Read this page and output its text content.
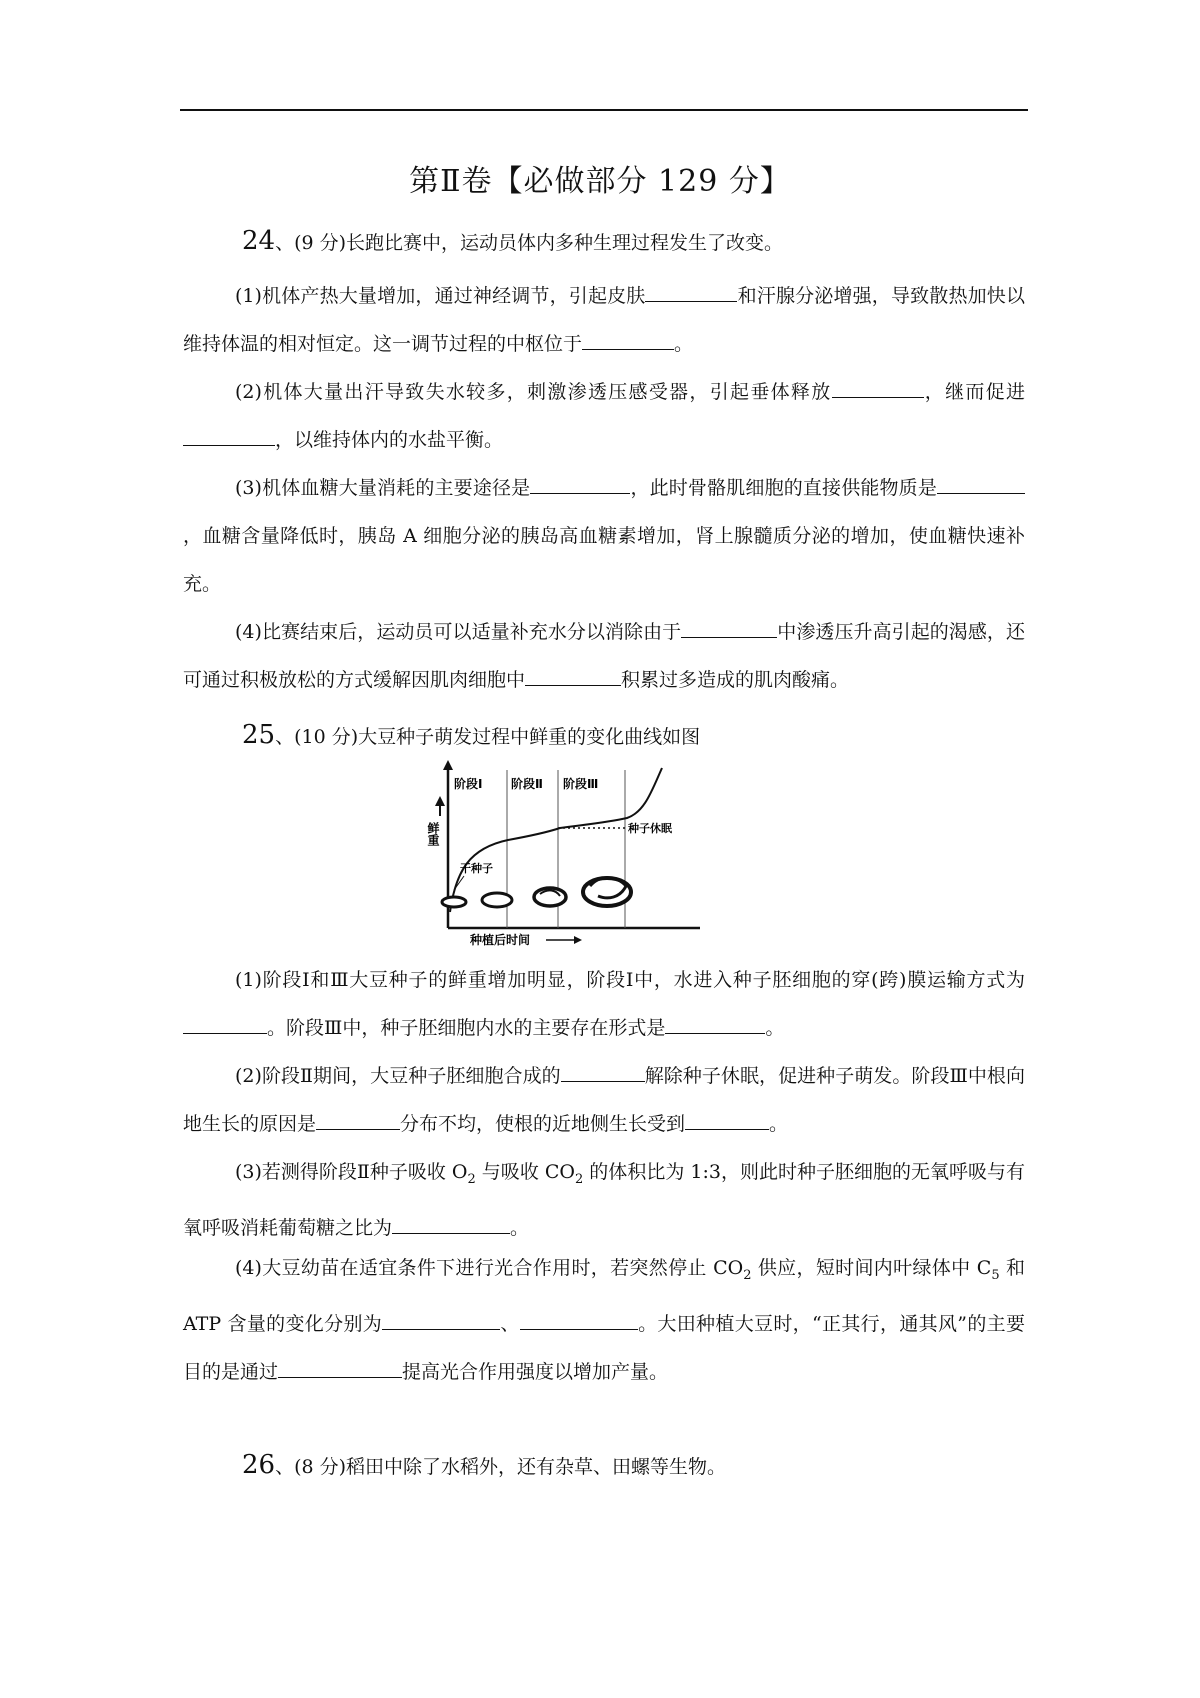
第Ⅱ卷【必做部分 129 分】
24、(9 分)长跑比赛中，运动员体内多种生理过程发生了改变。
(1)机体产热大量增加，通过神经调节，引起皮肤	和汗腺分泌增强，导致散热加快以维持体温的相对恒定。这一调节过程的中枢位于	。
(2)机体大量出汗导致失水较多，刺激渗透压感受器，引起垂体释放	，继而促进，以维持体内的水盐平衡。
(3)机体血糖大量消耗的主要途径是	，此时骨骼肌细胞的直接供能物质是，血糖含量降低时，胰岛 A 细胞分泌的胰岛高血糖素增加，肾上腺髓质分泌的增加，使血糖快速补充。
(4)比赛结束后，运动员可以适量补充水分以消除由于	中渗透压升高引起的渴感，还可通过积极放松的方式缓解因肌肉细胞中	积累过多造成的肌肉酸痛。
25、(10 分)大豆种子萌发过程中鲜重的变化曲线如图
阶段Ⅰ 阶段Ⅱ 阶段Ⅲ
鲜重	种子休眠
干种子
种植后时间
(1)阶段Ⅰ和Ⅲ大豆种子的鲜重增加明显，阶段Ⅰ中，水进入种子胚细胞的穿(跨)膜运输方式为。阶段Ⅲ中，种子胚细胞内水的主要存在形式是	。
(2)阶段Ⅱ期间，大豆种子胚细胞合成的	解除种子休眠，促进种子萌发。阶段Ⅲ中根向地生长的原因是	分布不均，使根的近地侧生长受到	。
(3)若测得阶段Ⅱ种子吸收 $O_2$ 与吸收 $CO_2$ 的体积比为 1:3，则此时种子胚细胞的无氧呼吸与有氧呼吸消耗葡萄糖之比为	。
(4)大豆幼苗在适宜条件下进行光合作用时，若突然停止 $CO_2$ 供应，短时间内叶绿体中 $C_5$ 和 ATP 含量的变化分别为	、	。大田种植大豆时，“正其行，通其风”的主要目的是通过	提高光合作用强度以增加产量。
26、(8 分)稻田中除了水稻外，还有杂草、田螺等生物。
